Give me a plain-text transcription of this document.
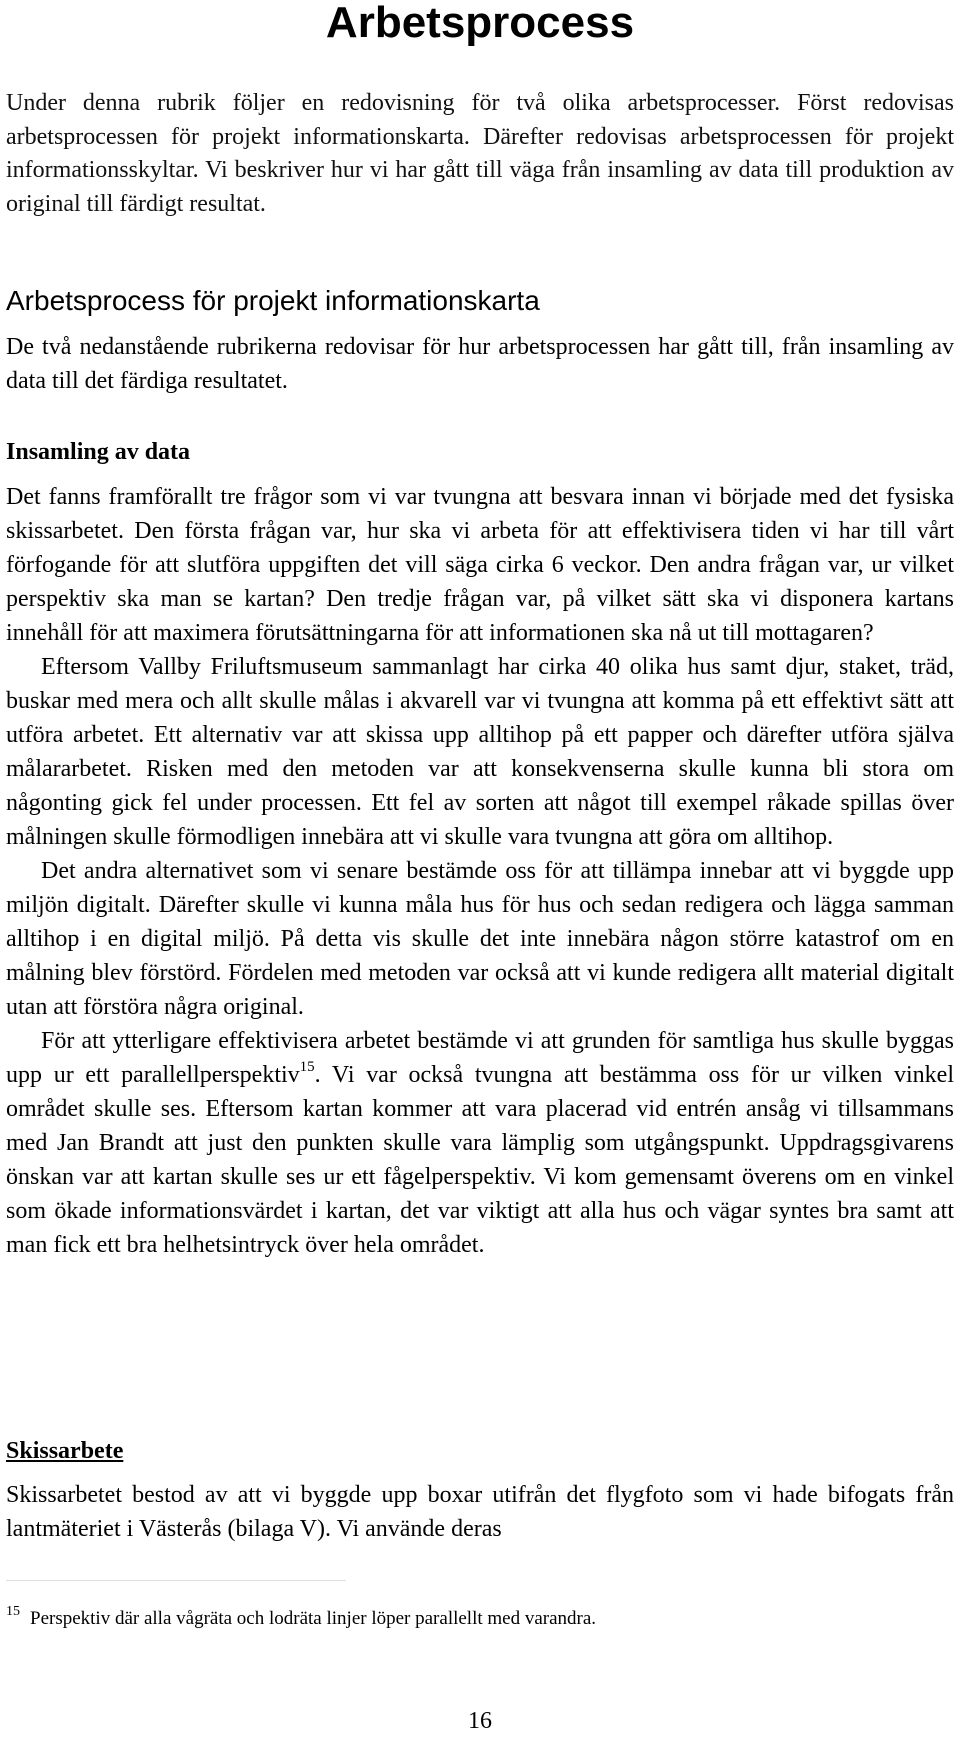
Arbetsprocess

Under denna rubrik följer en redovisning för två olika arbetsprocesser. Först redovisas arbetsprocessen för projekt informationskarta. Därefter redovisas arbetsprocessen för projekt informationsskyltar. Vi beskriver hur vi har gått till väga från insamling av data till produktion av original till färdigt resultat.

Arbetsprocess för projekt informationskarta

De två nedanstående rubrikerna redovisar för hur arbetsprocessen har gått till, från insamling av data till det färdiga resultatet.

Insamling av data

Det fanns framförallt tre frågor som vi var tvungna att besvara innan vi började med det fysiska skissarbetet. Den första frågan var, hur ska vi arbeta för att effektivisera tiden vi har till vårt förfogande för att slutföra uppgiften det vill säga cirka 6 veckor. Den andra frågan var, ur vilket perspektiv ska man se kartan? Den tredje frågan var, på vilket sätt ska vi disponera kartans innehåll för att maximera förutsättningarna för att informationen ska nå ut till mottagaren?

Eftersom Vallby Friluftsmuseum sammanlagt har cirka 40 olika hus samt djur, staket, träd, buskar med mera och allt skulle målas i akvarell var vi tvungna att komma på ett effektivt sätt att utföra arbetet. Ett alternativ var att skissa upp alltihop på ett papper och därefter utföra själva målararbetet. Risken med den metoden var att konsekvenserna skulle kunna bli stora om någonting gick fel under processen. Ett fel av sorten att något till exempel råkade spillas över målningen skulle förmodligen innebära att vi skulle vara tvungna att göra om alltihop.

Det andra alternativet som vi senare bestämde oss för att tillämpa innebar att vi byggde upp miljön digitalt. Därefter skulle vi kunna måla hus för hus och sedan redigera och lägga samman alltihop i en digital miljö. På detta vis skulle det inte innebära någon större katastrof om en målning blev förstörd. Fördelen med metoden var också att vi kunde redigera allt material digitalt utan att förstöra några original.

För att ytterligare effektivisera arbetet bestämde vi att grunden för samtliga hus skulle byggas upp ur ett parallellperspektiv$^{15}$. Vi var också tvungna att bestämma oss för ur vilken vinkel området skulle ses. Eftersom kartan kommer att vara placerad vid entrén ansåg vi tillsammans med Jan Brandt att just den punkten skulle vara lämplig som utgångspunkt. Uppdragsgivarens önskan var att kartan skulle ses ur ett fågelperspektiv. Vi kom gemensamt överens om en vinkel som ökade informationsvärdet i kartan, det var viktigt att alla hus och vägar syntes bra samt att man fick ett bra helhetsintryck över hela området.

Skissarbete

Skissarbetet bestod av att vi byggde upp boxar utifrån det flygfoto som vi hade bifogats från lantmäteriet i Västerås (bilaga V). Vi använde deras

$^{15}$ Perspektiv där alla vågräta och lodräta linjer löper parallellt med varandra.

16
